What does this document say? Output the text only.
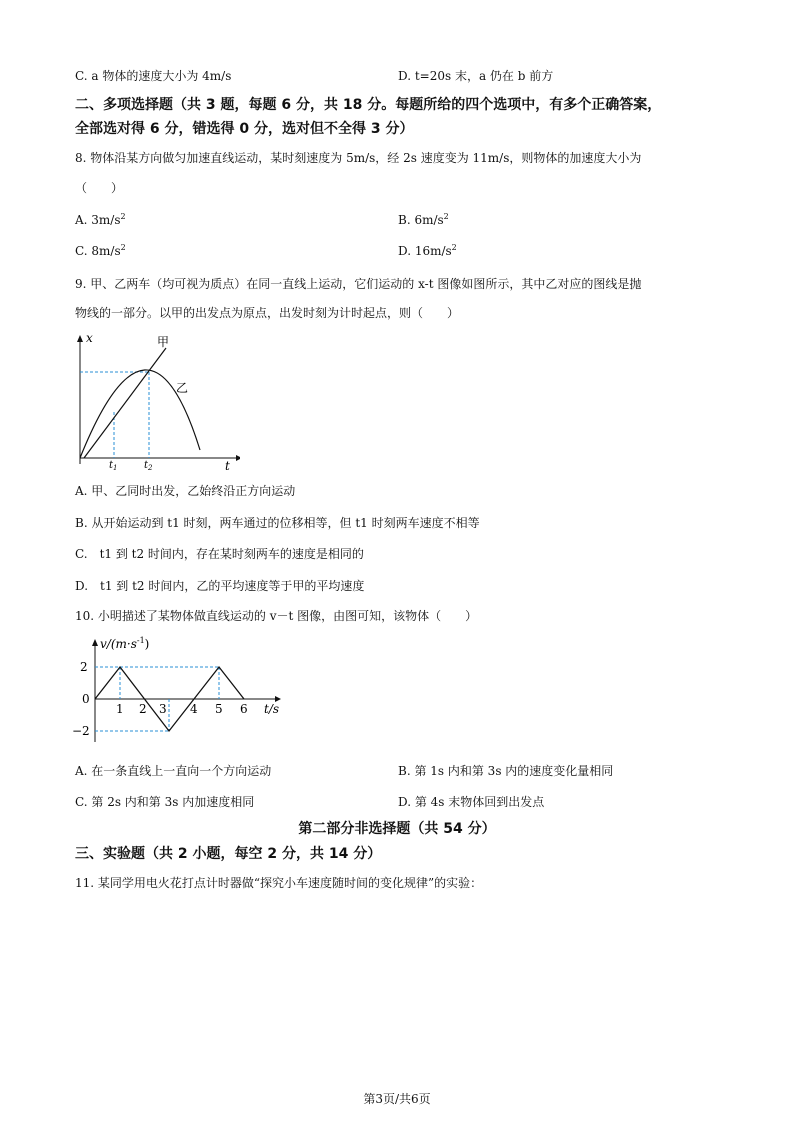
C. a 物体的速度大小为 4m/s	D. t=20s 末，a 仍在 b 前方
二、多项选择题（共 3 题，每题 6 分，共 18 分。每题所给的四个选项中，有多个正确答案，
全部选对得 6 分，错选得 0 分，选对但不全得 3 分）
8. 物体沿某方向做匀加速直线运动，某时刻速度为 5m/s，经 2s 速度变为 11m/s，则物体的加速度大小为
（　　）
A. $3m/s^2$	B. $6m/s^2$
C. $8m/s^2$	D. $16m/s^2$
9. 甲、乙两车（均可视为质点）在同一直线上运动，它们运动的 x-t 图像如图所示，其中乙对应的图线是抛
物线的一部分。以甲的出发点为原点，出发时刻为计时起点，则（　　）
x
t
甲
乙
$t_1$	$t_2$
A. 甲、乙同时出发，乙始终沿正方向运动
B. 从开始运动到 t1 时刻，两车通过的位移相等，但 t1 时刻两车速度不相等
C.　t1 到 t2 时间内，存在某时刻两车的速度是相同的
D.　t1 到 t2 时间内，乙的平均速度等于甲的平均速度
10. 小明描述了某物体做直线运动的 v－t 图像，由图可知，该物体（　　）
$v/(m\cdot s^{-1})$
2
0
−2
1 2 3 4 5 6 t/s
A. 在一条直线上一直向一个方向运动	B. 第 1s 内和第 3s 内的速度变化量相同
C. 第 2s 内和第 3s 内加速度相同	D. 第 4s 末物体回到出发点
第二部分非选择题（共 54 分）
三、实验题（共 2 小题，每空 2 分，共 14 分）
11. 某同学用电火花打点计时器做“探究小车速度随时间的变化规律”的实验：
第3页/共6页
